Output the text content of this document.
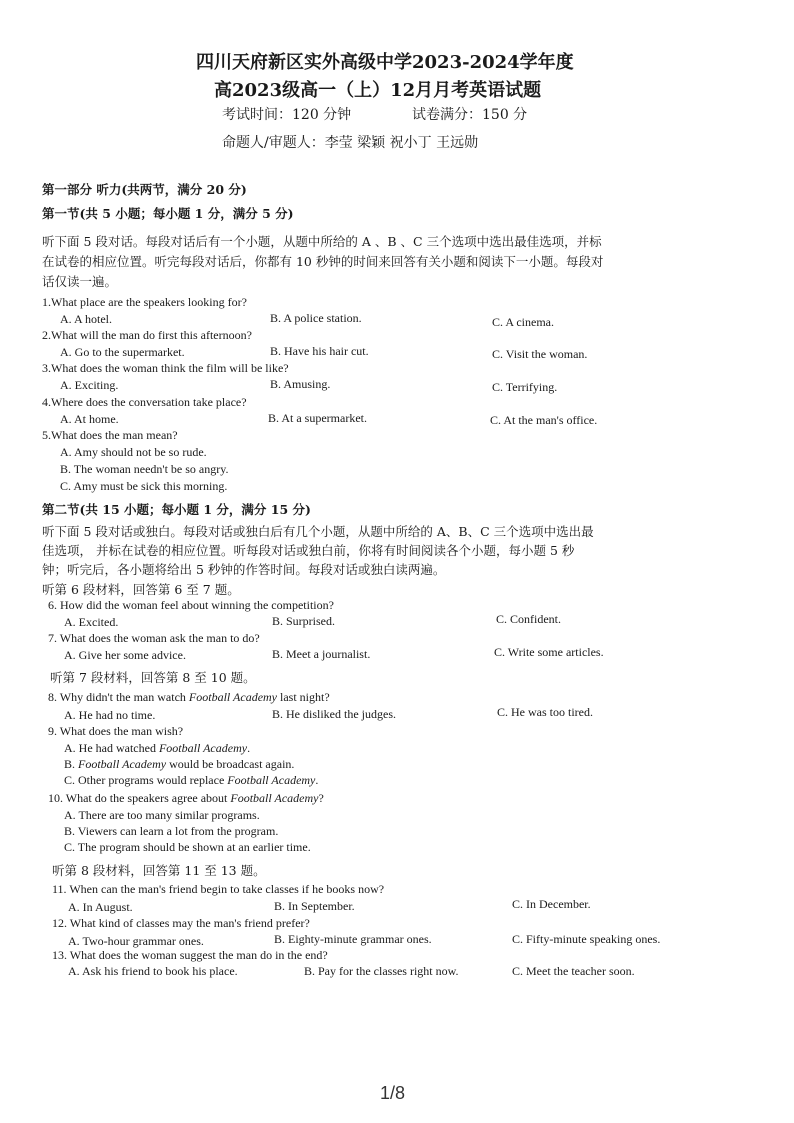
四川天府新区实外高级中学2023-2024学年度
高2023级高一（上）12月月考英语试题
考试时间：120 分钟	试卷满分：150 分
命题人/审题人：李莹 梁颖 祝小丁 王远勋
第一部分 听力(共两节，满分 20 分)
第一节(共 5 小题；每小题 1 分，满分 5 分)
听下面 5 段对话。每段对话后有一个小题，从题中所给的 A 、B 、C 三个选项中选出最佳选项，并标
在试卷的相应位置。听完每段对话后，你都有 10 秒钟的时间来回答有关小题和阅读下一小题。每段对
话仅读一遍。
1.What place are the speakers looking for?
A. A hotel.	B. A police station.	C. A cinema.
2.What will the man do first this afternoon?
A. Go to the supermarket.	B. Have his hair cut.	C. Visit the woman.
3.What does the woman think the film will be like?
A. Exciting.	B. Amusing.	C. Terrifying.
4.Where does the conversation take place?
A. At home.	B. At a supermarket.	C. At the man's office.
5.What does the man mean?
A. Amy should not be so rude.
B. The woman needn't be so angry.
C. Amy must be sick this morning.
第二节(共 15 小题；每小题 1 分，满分 15 分)
听下面 5 段对话或独白。每段对话或独白后有几个小题，从题中所给的 A、B、C 三个选项中选出最
佳选项， 并标在试卷的相应位置。听每段对话或独白前，你将有时间阅读各个小题，每小题 5 秒
钟；听完后，各小题将给出 5 秒钟的作答时间。每段对话或独白读两遍。
听第 6 段材料，回答第 6 至 7 题。
6. How did the woman feel about winning the competition?
A. Excited.	B. Surprised.	C. Confident.
7. What does the woman ask the man to do?
A. Give her some advice.	B. Meet a journalist.	C. Write some articles.
听第 7 段材料，回答第 8 至 10 题。
8. Why didn't the man watch Football Academy last night?
A. He had no time.	B. He disliked the judges.	C. He was too tired.
9. What does the man wish?
A. He had watched Football Academy.
B. Football Academy would be broadcast again.
C. Other programs would replace Football Academy.
10. What do the speakers agree about Football Academy?
A. There are too many similar programs.
B. Viewers can learn a lot from the program.
C. The program should be shown at an earlier time.
听第 8 段材料，回答第 11 至 13 题。
11. When can the man's friend begin to take classes if he books now?
A. In August.	B. In September.	C. In December.
12. What kind of classes may the man's friend prefer?
A. Two-hour grammar ones.	B. Eighty-minute grammar ones.	C. Fifty-minute speaking ones.
13. What does the woman suggest the man do in the end?
A. Ask his friend to book his place.	B. Pay for the classes right now.	C. Meet the teacher soon.
1/8
